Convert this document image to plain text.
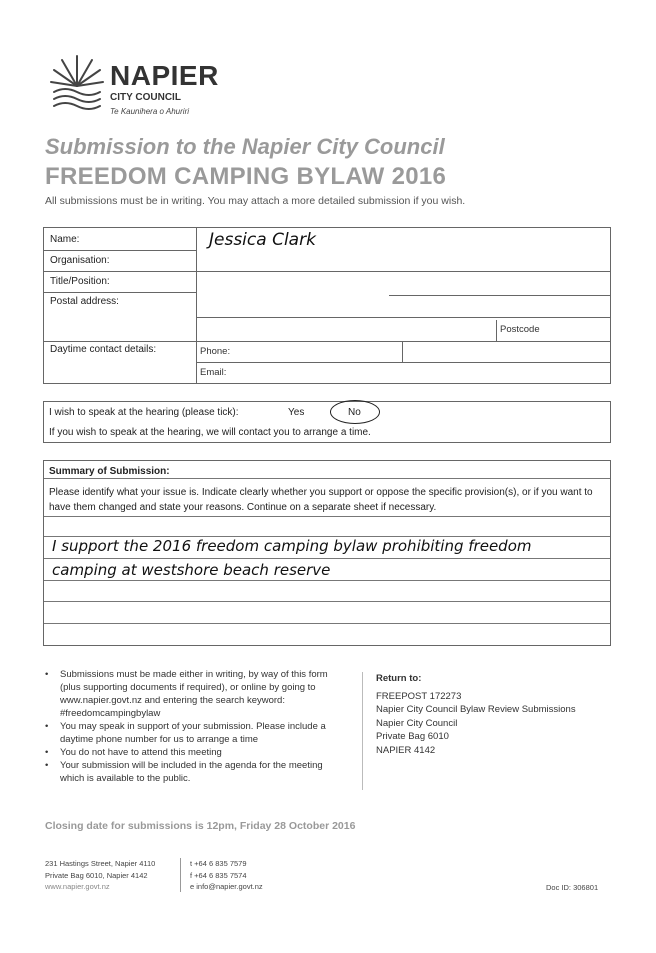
NAPIER
CITY COUNCIL
Te Kaunihera o Ahuriri
Submission to the Napier City Council
FREEDOM CAMPING BYLAW 2016
All submissions must be in writing. You may attach a more detailed submission if you wish.
Name:	Jessica Clark
Organisation:
Title/Position:
Postal address:
Postcode
Daytime contact details:	Phone:
Email:
I wish to speak at the hearing (please tick):	Yes	No
If you wish to speak at the hearing, we will contact you to arrange a time.
Summary of Submission:
Please identify what your issue is. Indicate clearly whether you support or oppose the specific provision(s), or if you want to have them changed and state your reasons. Continue on a separate sheet if necessary.
I support the 2016 freedom camping bylaw prohibiting freedom
camping at westshore beach reserve
• Submissions must be made either in writing, by way of this form (plus supporting documents if required), or online by going to www.napier.govt.nz and entering the search keyword: #freedomcampingbylaw
• You may speak in support of your submission. Please include a daytime phone number for us to arrange a time
• You do not have to attend this meeting
• Your submission will be included in the agenda for the meeting which is available to the public.
Return to:
FREEPOST 172273
Napier City Council Bylaw Review Submissions
Napier City Council
Private Bag 6010
NAPIER 4142
Closing date for submissions is 12pm, Friday 28 October 2016
231 Hastings Street, Napier 4110
Private Bag 6010, Napier 4142
www.napier.govt.nz
t +64 6 835 7579
f +64 6 835 7574
e info@napier.govt.nz	Doc ID: 306801
